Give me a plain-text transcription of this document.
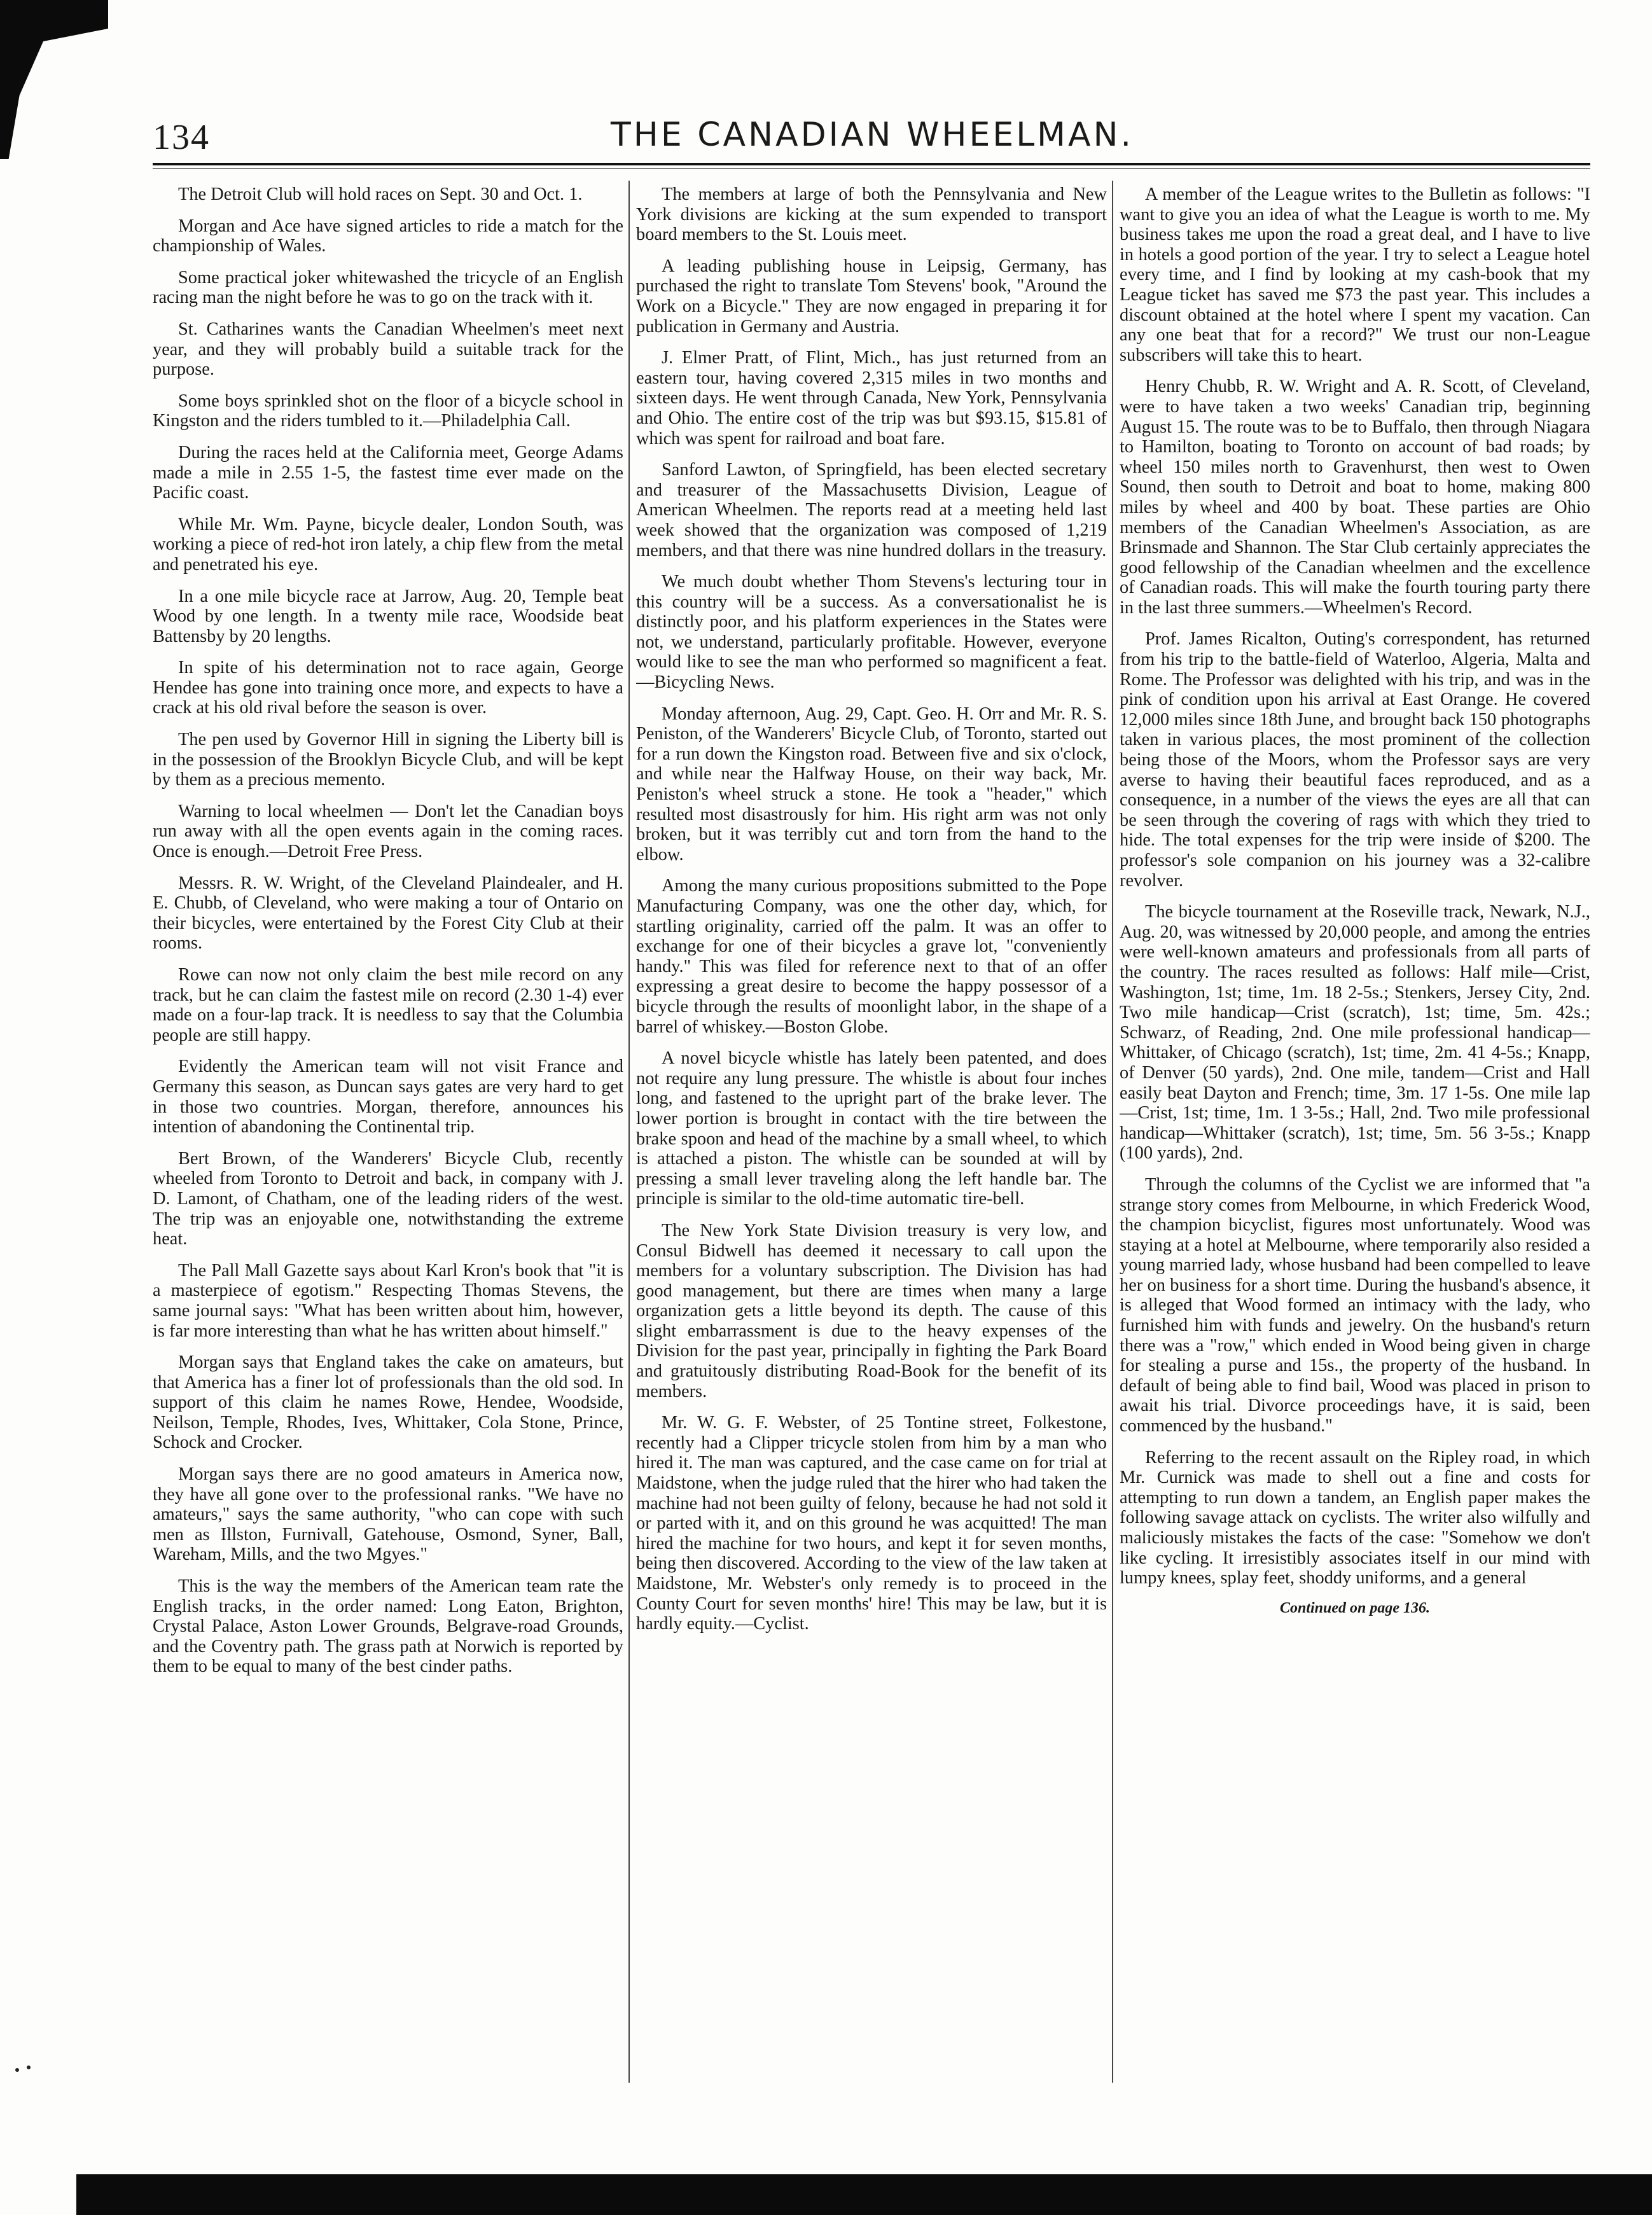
134	THE CANADIAN WHEELMAN.

The Detroit Club will hold races on Sept. 30 and Oct. 1.

Morgan and Ace have signed articles to ride a match for the championship of Wales.

Some practical joker whitewashed the tricycle of an English racing man the night before he was to go on the track with it.

St. Catharines wants the Canadian Wheelmen's meet next year, and they will probably build a suitable track for the purpose.

Some boys sprinkled shot on the floor of a bicycle school in Kingston and the riders tumbled to it.—Philadelphia Call.

During the races held at the California meet, George Adams made a mile in 2.55 1-5, the fastest time ever made on the Pacific coast.

While Mr. Wm. Payne, bicycle dealer, London South, was working a piece of red-hot iron lately, a chip flew from the metal and penetrated his eye.

In a one mile bicycle race at Jarrow, Aug. 20, Temple beat Wood by one length. In a twenty mile race, Woodside beat Battensby by 20 lengths.

In spite of his determination not to race again, George Hendee has gone into training once more, and expects to have a crack at his old rival before the season is over.

The pen used by Governor Hill in signing the Liberty bill is in the possession of the Brooklyn Bicycle Club, and will be kept by them as a precious memento.

Warning to local wheelmen — Don't let the Canadian boys run away with all the open events again in the coming races. Once is enough.—Detroit Free Press.

Messrs. R. W. Wright, of the Cleveland Plaindealer, and H. E. Chubb, of Cleveland, who were making a tour of Ontario on their bicycles, were entertained by the Forest City Club at their rooms.

Rowe can now not only claim the best mile record on any track, but he can claim the fastest mile on record (2.30 1-4) ever made on a four-lap track. It is needless to say that the Columbia people are still happy.

Evidently the American team will not visit France and Germany this season, as Duncan says gates are very hard to get in those two countries. Morgan, therefore, announces his intention of abandoning the Continental trip.

Bert Brown, of the Wanderers' Bicycle Club, recently wheeled from Toronto to Detroit and back, in company with J. D. Lamont, of Chatham, one of the leading riders of the west. The trip was an enjoyable one, notwithstanding the extreme heat.

The Pall Mall Gazette says about Karl Kron's book that "it is a masterpiece of egotism." Respecting Thomas Stevens, the same journal says: "What has been written about him, however, is far more interesting than what he has written about himself."

Morgan says that England takes the cake on amateurs, but that America has a finer lot of professionals than the old sod. In support of this claim he names Rowe, Hendee, Woodside, Neilson, Temple, Rhodes, Ives, Whittaker, Cola Stone, Prince, Schock and Crocker.

Morgan says there are no good amateurs in America now, they have all gone over to the professional ranks. "We have no amateurs," says the same authority, "who can cope with such men as Illston, Furnivall, Gatehouse, Osmond, Syner, Ball, Wareham, Mills, and the two Mgyes."

This is the way the members of the American team rate the English tracks, in the order named: Long Eaton, Brighton, Crystal Palace, Aston Lower Grounds, Belgrave-road Grounds, and the Coventry path. The grass path at Norwich is reported by them to be equal to many of the best cinder paths.

The members at large of both the Pennsylvania and New York divisions are kicking at the sum expended to transport board members to the St. Louis meet.

A leading publishing house in Leipsig, Germany, has purchased the right to translate Tom Stevens' book, "Around the Work on a Bicycle." They are now engaged in preparing it for publication in Germany and Austria.

J. Elmer Pratt, of Flint, Mich., has just returned from an eastern tour, having covered 2,315 miles in two months and sixteen days. He went through Canada, New York, Pennsylvania and Ohio. The entire cost of the trip was but $93.15, $15.81 of which was spent for railroad and boat fare.

Sanford Lawton, of Springfield, has been elected secretary and treasurer of the Massachusetts Division, League of American Wheelmen. The reports read at a meeting held last week showed that the organization was composed of 1,219 members, and that there was nine hundred dollars in the treasury.

We much doubt whether Thom Stevens's lecturing tour in this country will be a success. As a conversationalist he is distinctly poor, and his platform experiences in the States were not, we understand, particularly profitable. However, everyone would like to see the man who performed so magnificent a feat.—Bicycling News.

Monday afternoon, Aug. 29, Capt. Geo. H. Orr and Mr. R. S. Peniston, of the Wanderers' Bicycle Club, of Toronto, started out for a run down the Kingston road. Between five and six o'clock, and while near the Halfway House, on their way back, Mr. Peniston's wheel struck a stone. He took a "header," which resulted most disastrously for him. His right arm was not only broken, but it was terribly cut and torn from the hand to the elbow.

Among the many curious propositions submitted to the Pope Manufacturing Company, was one the other day, which, for startling originality, carried off the palm. It was an offer to exchange for one of their bicycles a grave lot, "conveniently handy." This was filed for reference next to that of an offer expressing a great desire to become the happy possessor of a bicycle through the results of moonlight labor, in the shape of a barrel of whiskey.—Boston Globe.

A novel bicycle whistle has lately been patented, and does not require any lung pressure. The whistle is about four inches long, and fastened to the upright part of the brake lever. The lower portion is brought in contact with the tire between the brake spoon and head of the machine by a small wheel, to which is attached a piston. The whistle can be sounded at will by pressing a small lever traveling along the left handle bar. The principle is similar to the old-time automatic tire-bell.

The New York State Division treasury is very low, and Consul Bidwell has deemed it necessary to call upon the members for a voluntary subscription. The Division has had good management, but there are times when many a large organization gets a little beyond its depth. The cause of this slight embarrassment is due to the heavy expenses of the Division for the past year, principally in fighting the Park Board and gratuitously distributing Road-Book for the benefit of its members.

Mr. W. G. F. Webster, of 25 Tontine street, Folkestone, recently had a Clipper tricycle stolen from him by a man who hired it. The man was captured, and the case came on for trial at Maidstone, when the judge ruled that the hirer who had taken the machine had not been guilty of felony, because he had not sold it or parted with it, and on this ground he was acquitted! The man hired the machine for two hours, and kept it for seven months, being then discovered. According to the view of the law taken at Maidstone, Mr. Webster's only remedy is to proceed in the County Court for seven months' hire! This may be law, but it is hardly equity.—Cyclist.

A member of the League writes to the Bulletin as follows: "I want to give you an idea of what the League is worth to me. My business takes me upon the road a great deal, and I have to live in hotels a good portion of the year. I try to select a League hotel every time, and I find by looking at my cash-book that my League ticket has saved me $73 the past year. This includes a discount obtained at the hotel where I spent my vacation. Can any one beat that for a record?" We trust our non-League subscribers will take this to heart.

Henry Chubb, R. W. Wright and A. R. Scott, of Cleveland, were to have taken a two weeks' Canadian trip, beginning August 15. The route was to be to Buffalo, then through Niagara to Hamilton, boating to Toronto on account of bad roads; by wheel 150 miles north to Gravenhurst, then west to Owen Sound, then south to Detroit and boat to home, making 800 miles by wheel and 400 by boat. These parties are Ohio members of the Canadian Wheelmen's Association, as are Brinsmade and Shannon. The Star Club certainly appreciates the good fellowship of the Canadian wheelmen and the excellence of Canadian roads. This will make the fourth touring party there in the last three summers.—Wheelmen's Record.

Prof. James Ricalton, Outing's correspondent, has returned from his trip to the battle-field of Waterloo, Algeria, Malta and Rome. The Professor was delighted with his trip, and was in the pink of condition upon his arrival at East Orange. He covered 12,000 miles since 18th June, and brought back 150 photographs taken in various places, the most prominent of the collection being those of the Moors, whom the Professor says are very averse to having their beautiful faces reproduced, and as a consequence, in a number of the views the eyes are all that can be seen through the covering of rags with which they tried to hide. The total expenses for the trip were inside of $200. The professor's sole companion on his journey was a 32-calibre revolver.

The bicycle tournament at the Roseville track, Newark, N.J., Aug. 20, was witnessed by 20,000 people, and among the entries were well-known amateurs and professionals from all parts of the country. The races resulted as follows: Half mile—Crist, Washington, 1st; time, 1m. 18 2-5s.; Stenkers, Jersey City, 2nd. Two mile handicap—Crist (scratch), 1st; time, 5m. 42s.; Schwarz, of Reading, 2nd. One mile professional handicap—Whittaker, of Chicago (scratch), 1st; time, 2m. 41 4-5s.; Knapp, of Denver (50 yards), 2nd. One mile, tandem—Crist and Hall easily beat Dayton and French; time, 3m. 17 1-5s. One mile lap—Crist, 1st; time, 1m. 1 3-5s.; Hall, 2nd. Two mile professional handicap—Whittaker (scratch), 1st; time, 5m. 56 3-5s.; Knapp (100 yards), 2nd.

Through the columns of the Cyclist we are informed that "a strange story comes from Melbourne, in which Frederick Wood, the champion bicyclist, figures most unfortunately. Wood was staying at a hotel at Melbourne, where temporarily also resided a young married lady, whose husband had been compelled to leave her on business for a short time. During the husband's absence, it is alleged that Wood formed an intimacy with the lady, who furnished him with funds and jewelry. On the husband's return there was a "row," which ended in Wood being given in charge for stealing a purse and 15s., the property of the husband. In default of being able to find bail, Wood was placed in prison to await his trial. Divorce proceedings have, it is said, been commenced by the husband."

Referring to the recent assault on the Ripley road, in which Mr. Curnick was made to shell out a fine and costs for attempting to run down a tandem, an English paper makes the following savage attack on cyclists. The writer also wilfully and maliciously mistakes the facts of the case: "Somehow we don't like cycling. It irresistibly associates itself in our mind with lumpy knees, splay feet, shoddy uniforms, and a general

Continued on page 136.
